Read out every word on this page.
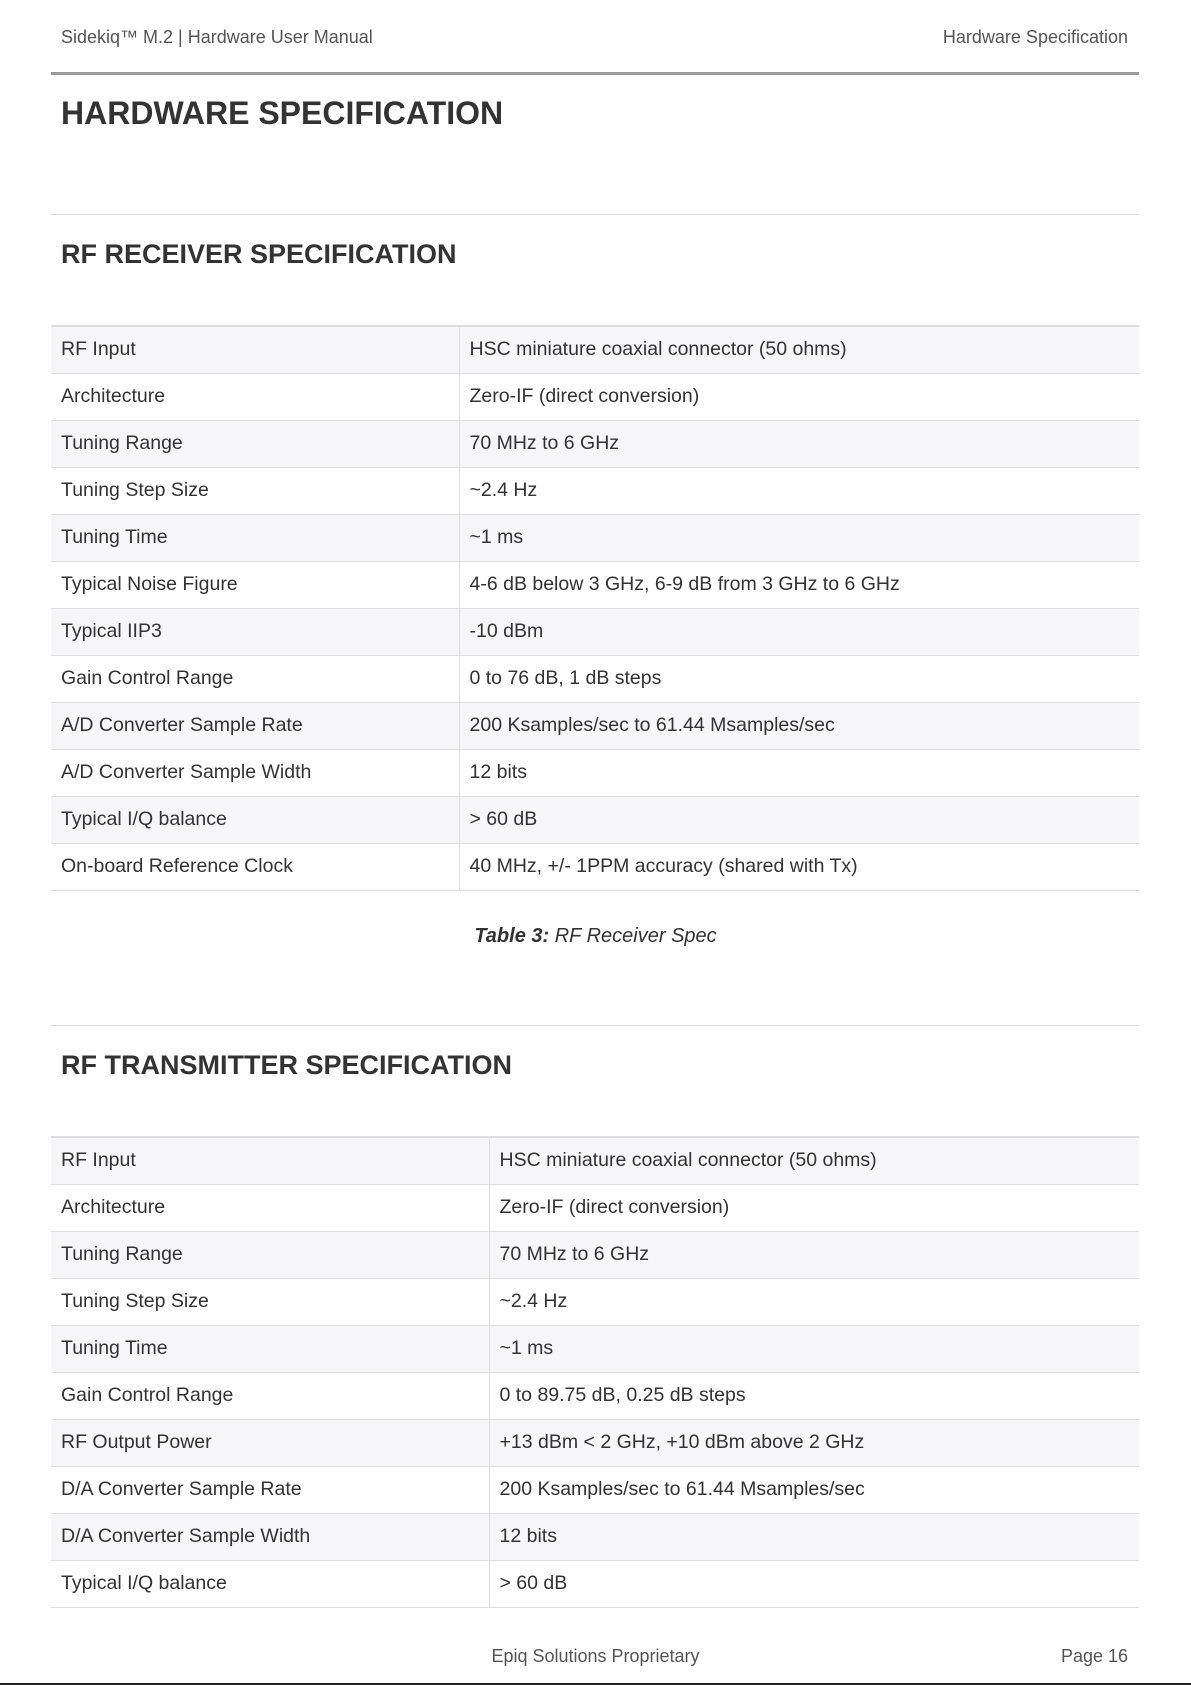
Sidekiq™ M.2 | Hardware User Manual	Hardware Specification
HARDWARE SPECIFICATION
RF RECEIVER SPECIFICATION
RF Input	HSC miniature coaxial connector (50 ohms)
Architecture	Zero-IF (direct conversion)
Tuning Range	70 MHz to 6 GHz
Tuning Step Size	~2.4 Hz
Tuning Time	~1 ms
Typical Noise Figure	4-6 dB below 3 GHz, 6-9 dB from 3 GHz to 6 GHz
Typical IIP3	-10 dBm
Gain Control Range	0 to 76 dB, 1 dB steps
A/D Converter Sample Rate	200 Ksamples/sec to 61.44 Msamples/sec
A/D Converter Sample Width	12 bits
Typical I/Q balance	> 60 dB
On-board Reference Clock	40 MHz, +/- 1PPM accuracy (shared with Tx)
Table 3: RF Receiver Spec
RF TRANSMITTER SPECIFICATION
RF Input	HSC miniature coaxial connector (50 ohms)
Architecture	Zero-IF (direct conversion)
Tuning Range	70 MHz to 6 GHz
Tuning Step Size	~2.4 Hz
Tuning Time	~1 ms
Gain Control Range	0 to 89.75 dB, 0.25 dB steps
RF Output Power	+13 dBm < 2 GHz, +10 dBm above 2 GHz
D/A Converter Sample Rate	200 Ksamples/sec to 61.44 Msamples/sec
D/A Converter Sample Width	12 bits
Typical I/Q balance	> 60 dB
Epiq Solutions Proprietary	Page 16
